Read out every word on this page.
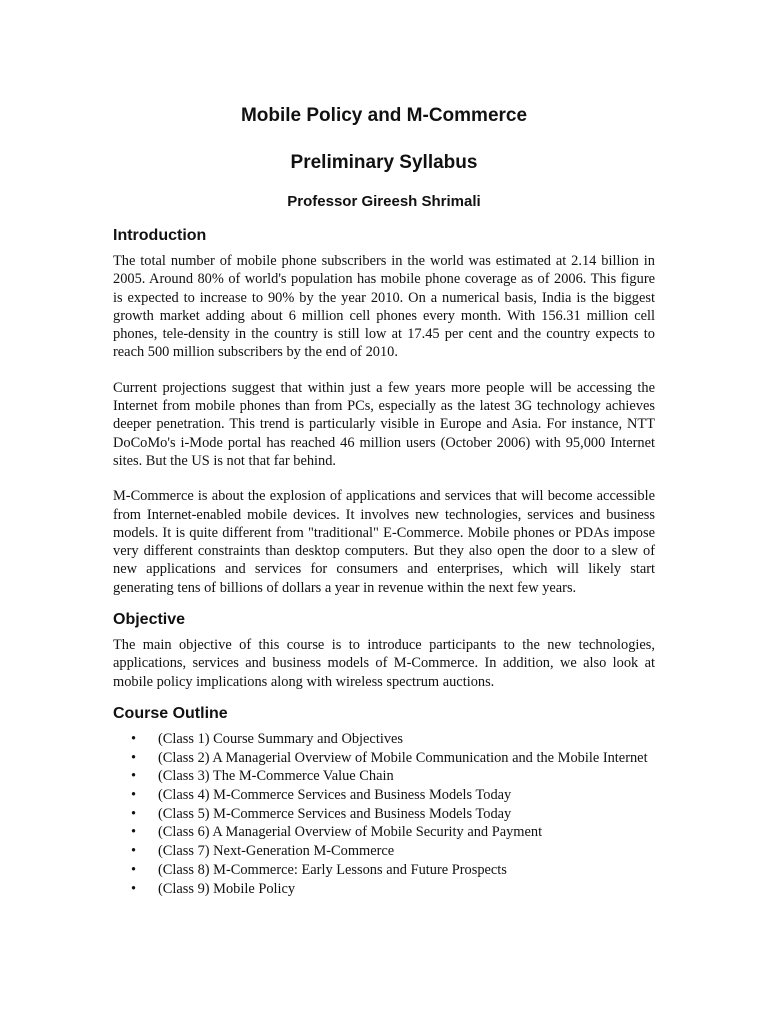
Mobile Policy and M-Commerce
Preliminary Syllabus
Professor Gireesh Shrimali
Introduction

The total number of mobile phone subscribers in the world was estimated at 2.14 billion in 2005. Around 80% of world's population has mobile phone coverage as of 2006. This figure is expected to increase to 90% by the year 2010. On a numerical basis, India is the biggest growth market adding about 6 million cell phones every month. With 156.31 million cell phones, tele-density in the country is still low at 17.45 per cent and the country expects to reach 500 million subscribers by the end of 2010.

Current projections suggest that within just a few years more people will be accessing the Internet from mobile phones than from PCs, especially as the latest 3G technology achieves deeper penetration. This trend is particularly visible in Europe and Asia. For instance, NTT DoCoMo's i-Mode portal has reached 46 million users (October 2006) with 95,000 Internet sites. But the US is not that far behind.

M-Commerce is about the explosion of applications and services that will become accessible from Internet-enabled mobile devices. It involves new technologies, services and business models. It is quite different from "traditional" E-Commerce. Mobile phones or PDAs impose very different constraints than desktop computers. But they also open the door to a slew of new applications and services for consumers and enterprises, which will likely start generating tens of billions of dollars a year in revenue within the next few years.

Objective

The main objective of this course is to introduce participants to the new technologies, applications, services and business models of M-Commerce. In addition, we also look at mobile policy implications along with wireless spectrum auctions.

Course Outline
• (Class 1) Course Summary and Objectives
• (Class 2) A Managerial Overview of Mobile Communication and the Mobile Internet
• (Class 3) The M-Commerce Value Chain
• (Class 4) M-Commerce Services and Business Models Today
• (Class 5) M-Commerce Services and Business Models Today
• (Class 6) A Managerial Overview of Mobile Security and Payment
• (Class 7) Next-Generation M-Commerce
• (Class 8) M-Commerce: Early Lessons and Future Prospects
• (Class 9) Mobile Policy
